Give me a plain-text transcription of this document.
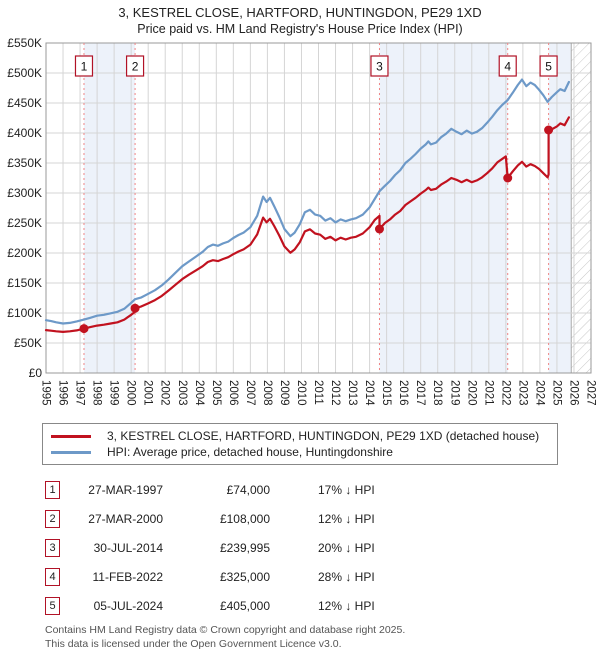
3, KESTREL CLOSE, HARTFORD, HUNTINGDON, PE29 1XD
Price paid vs. HM Land Registry's House Price Index (HPI)
1	2	3	4	5
£0
£50K
£100K
£150K
£200K
£250K
£300K
£350K
£400K
£450K
£500K
£550K
1995 1996 1997 1998 1999 2000 2001 2002 2003 2004 2005 2006 2007 2008 2009 2010 2011 2012 2013 2014 2015 2016 2017 2018 2019 2020 2021 2022 2023 2024 2025 2026 2027
3, KESTREL CLOSE, HARTFORD, HUNTINGDON, PE29 1XD (detached house)
HPI: Average price, detached house, Huntingdonshire
1	27-MAR-1997	£74,000	17% ↓ HPI
2	27-MAR-2000	£108,000	12% ↓ HPI
3	30-JUL-2014	£239,995	20% ↓ HPI
4	11-FEB-2022	£325,000	28% ↓ HPI
5	05-JUL-2024	£405,000	12% ↓ HPI
Contains HM Land Registry data © Crown copyright and database right 2025.
This data is licensed under the Open Government Licence v3.0.
